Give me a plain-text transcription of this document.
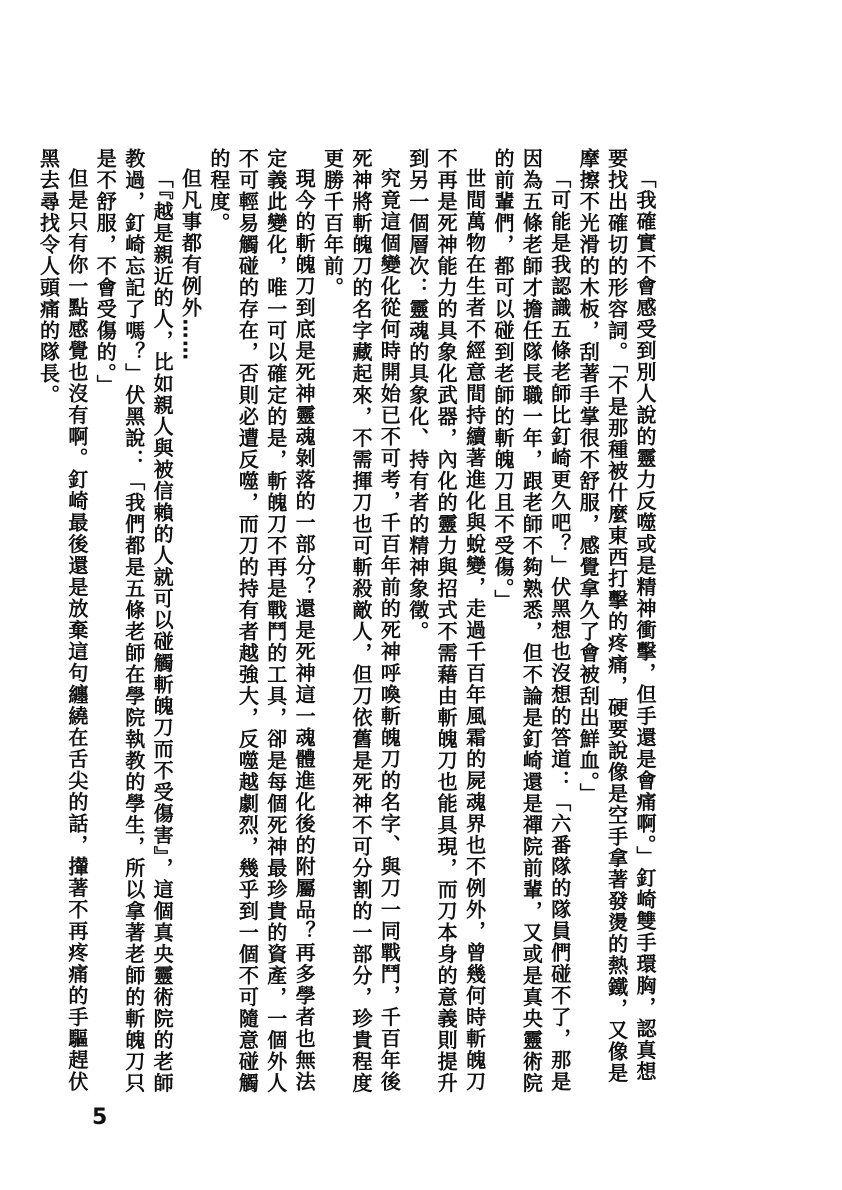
「我確實不會感受到別人說的靈力反噬或是精神衝擊，但手還是會痛啊。」釘崎雙手環胸，認真想要找出確切的形容詞。「不是那種被什麼東西打擊的疼痛，硬要說像是空手拿著發燙的熱鐵，又像是摩擦不光滑的木板，刮著手掌很不舒服，感覺拿久了會被刮出鮮血。」

「可能是我認識五條老師比釘崎更久吧？」伏黑想也沒想的答道：「六番隊的隊員們碰不了，那是因為五條老師才擔任隊長職一年，跟老師不夠熟悉，但不論是釘崎還是禪院前輩，又或是真央靈術院的前輩們，都可以碰到老師的斬魄刀且不受傷。」

世間萬物在生者不經意間持續著進化與蛻變，走過千百年風霜的屍魂界也不例外，曾幾何時斬魄刀不再是死神能力的具象化武器，內化的靈力與招式不需藉由斬魄刀也能具現，而刀本身的意義則提升到另一個層次：靈魂的具象化、持有者的精神象徵。

究竟這個變化從何時開始已不可考，千百年前的死神呼喚斬魄刀的名字、與刀一同戰鬥，千百年後死神將斬魄刀的名字藏起來，不需揮刀也可斬殺敵人，但刀依舊是死神不可分割的一部分，珍貴程度更勝千百年前。

現今的斬魄刀到底是死神靈魂剝落的一部分？還是死神這一魂體進化後的附屬品？再多學者也無法定義此變化，唯一可以確定的是，斬魄刀不再是戰鬥的工具，卻是每個死神最珍貴的資產，一個外人不可輕易觸碰的存在，否則必遭反噬，而刀的持有者越強大，反噬越劇烈，幾乎到一個不可隨意碰觸的程度。

但凡事都有例外……

「『越是親近的人，比如親人與被信賴的人就可以碰觸斬魄刀而不受傷害』，這個真央靈術院的老師教過，釘崎忘記了嗎？」伏黑說：「我們都是五條老師在學院執教的學生，所以拿著老師的斬魄刀只是不舒服，不會受傷的。」

但是只有你一點感覺也沒有啊。釘崎最後還是放棄這句纏繞在舌尖的話，攆著不再疼痛的手驅趕伏黑去尋找令人頭痛的隊長。

5
